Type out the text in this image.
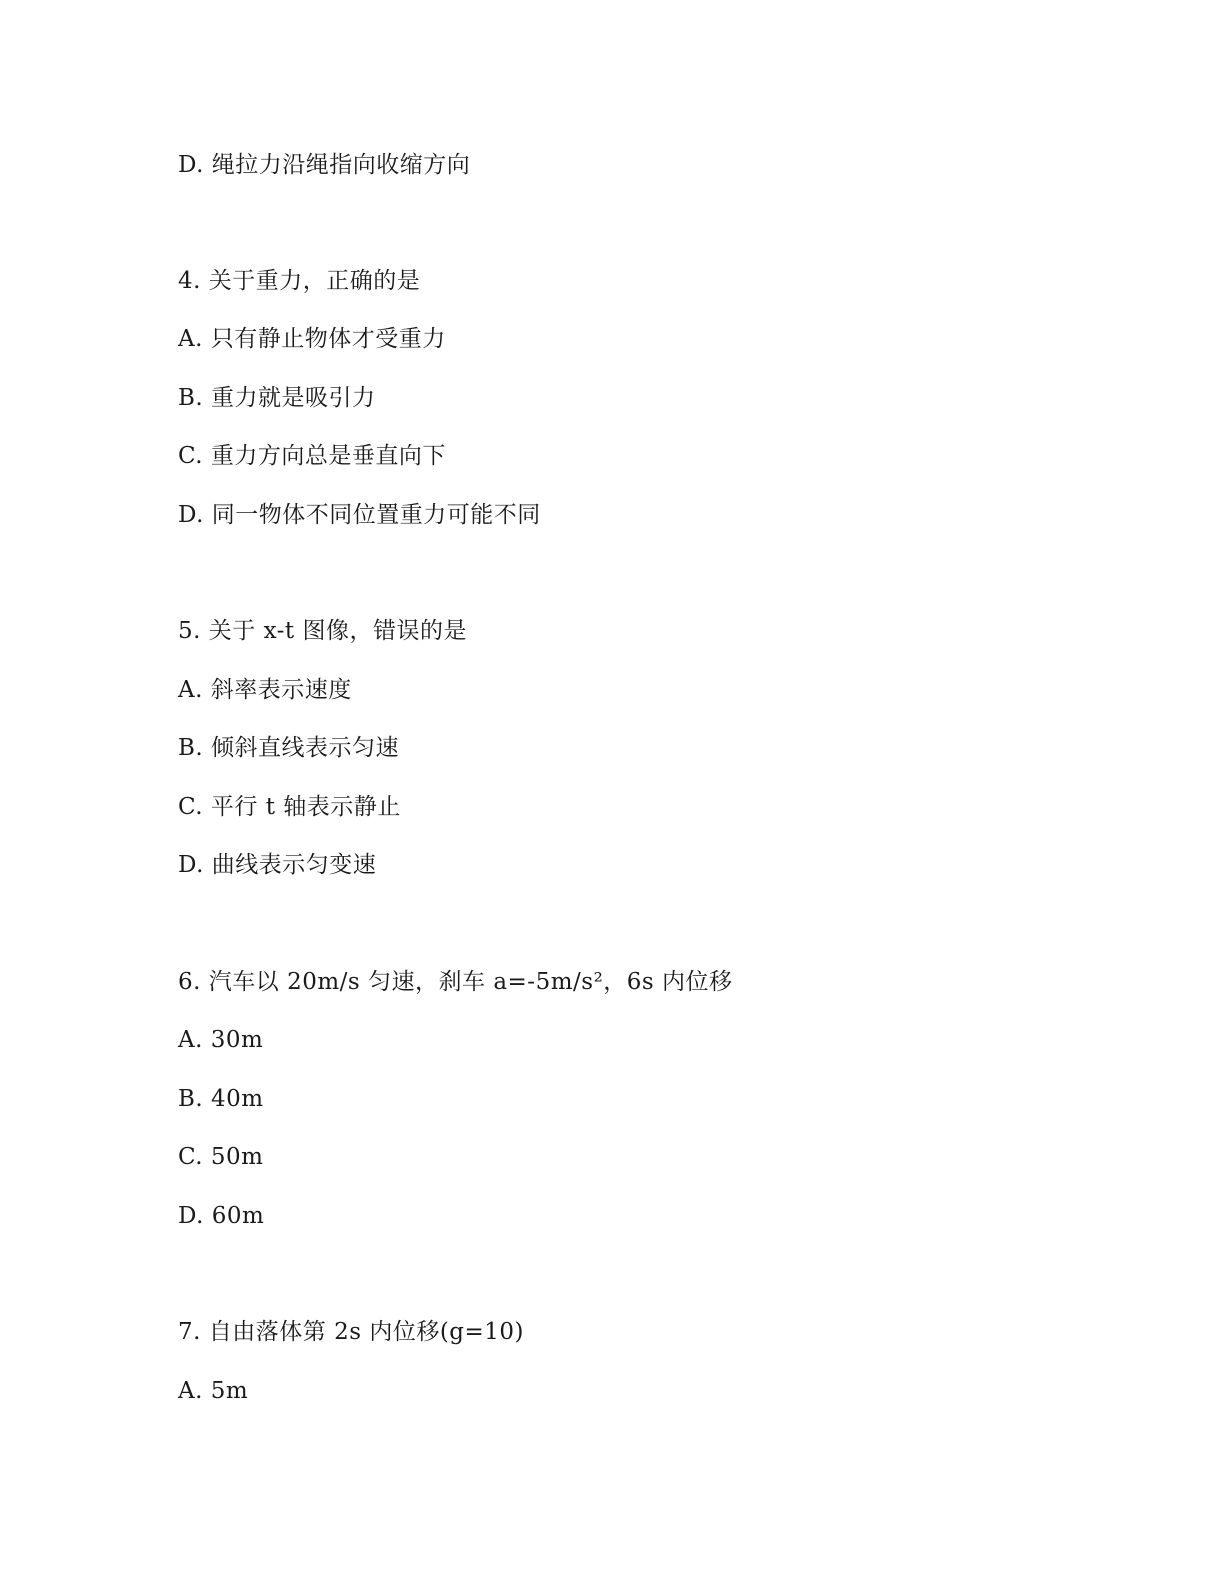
D. 绳拉力沿绳指向收缩方向
4. 关于重力，正确的是
A. 只有静止物体才受重力
B. 重力就是吸引力
C. 重力方向总是垂直向下
D. 同一物体不同位置重力可能不同
5. 关于 x-t 图像，错误的是
A. 斜率表示速度
B. 倾斜直线表示匀速
C. 平行 t 轴表示静止
D. 曲线表示匀变速
6. 汽车以 20m/s 匀速，刹车 a=-5m/s²，6s 内位移
A. 30m
B. 40m
C. 50m
D. 60m
7. 自由落体第 2s 内位移(g=10)
A. 5m
